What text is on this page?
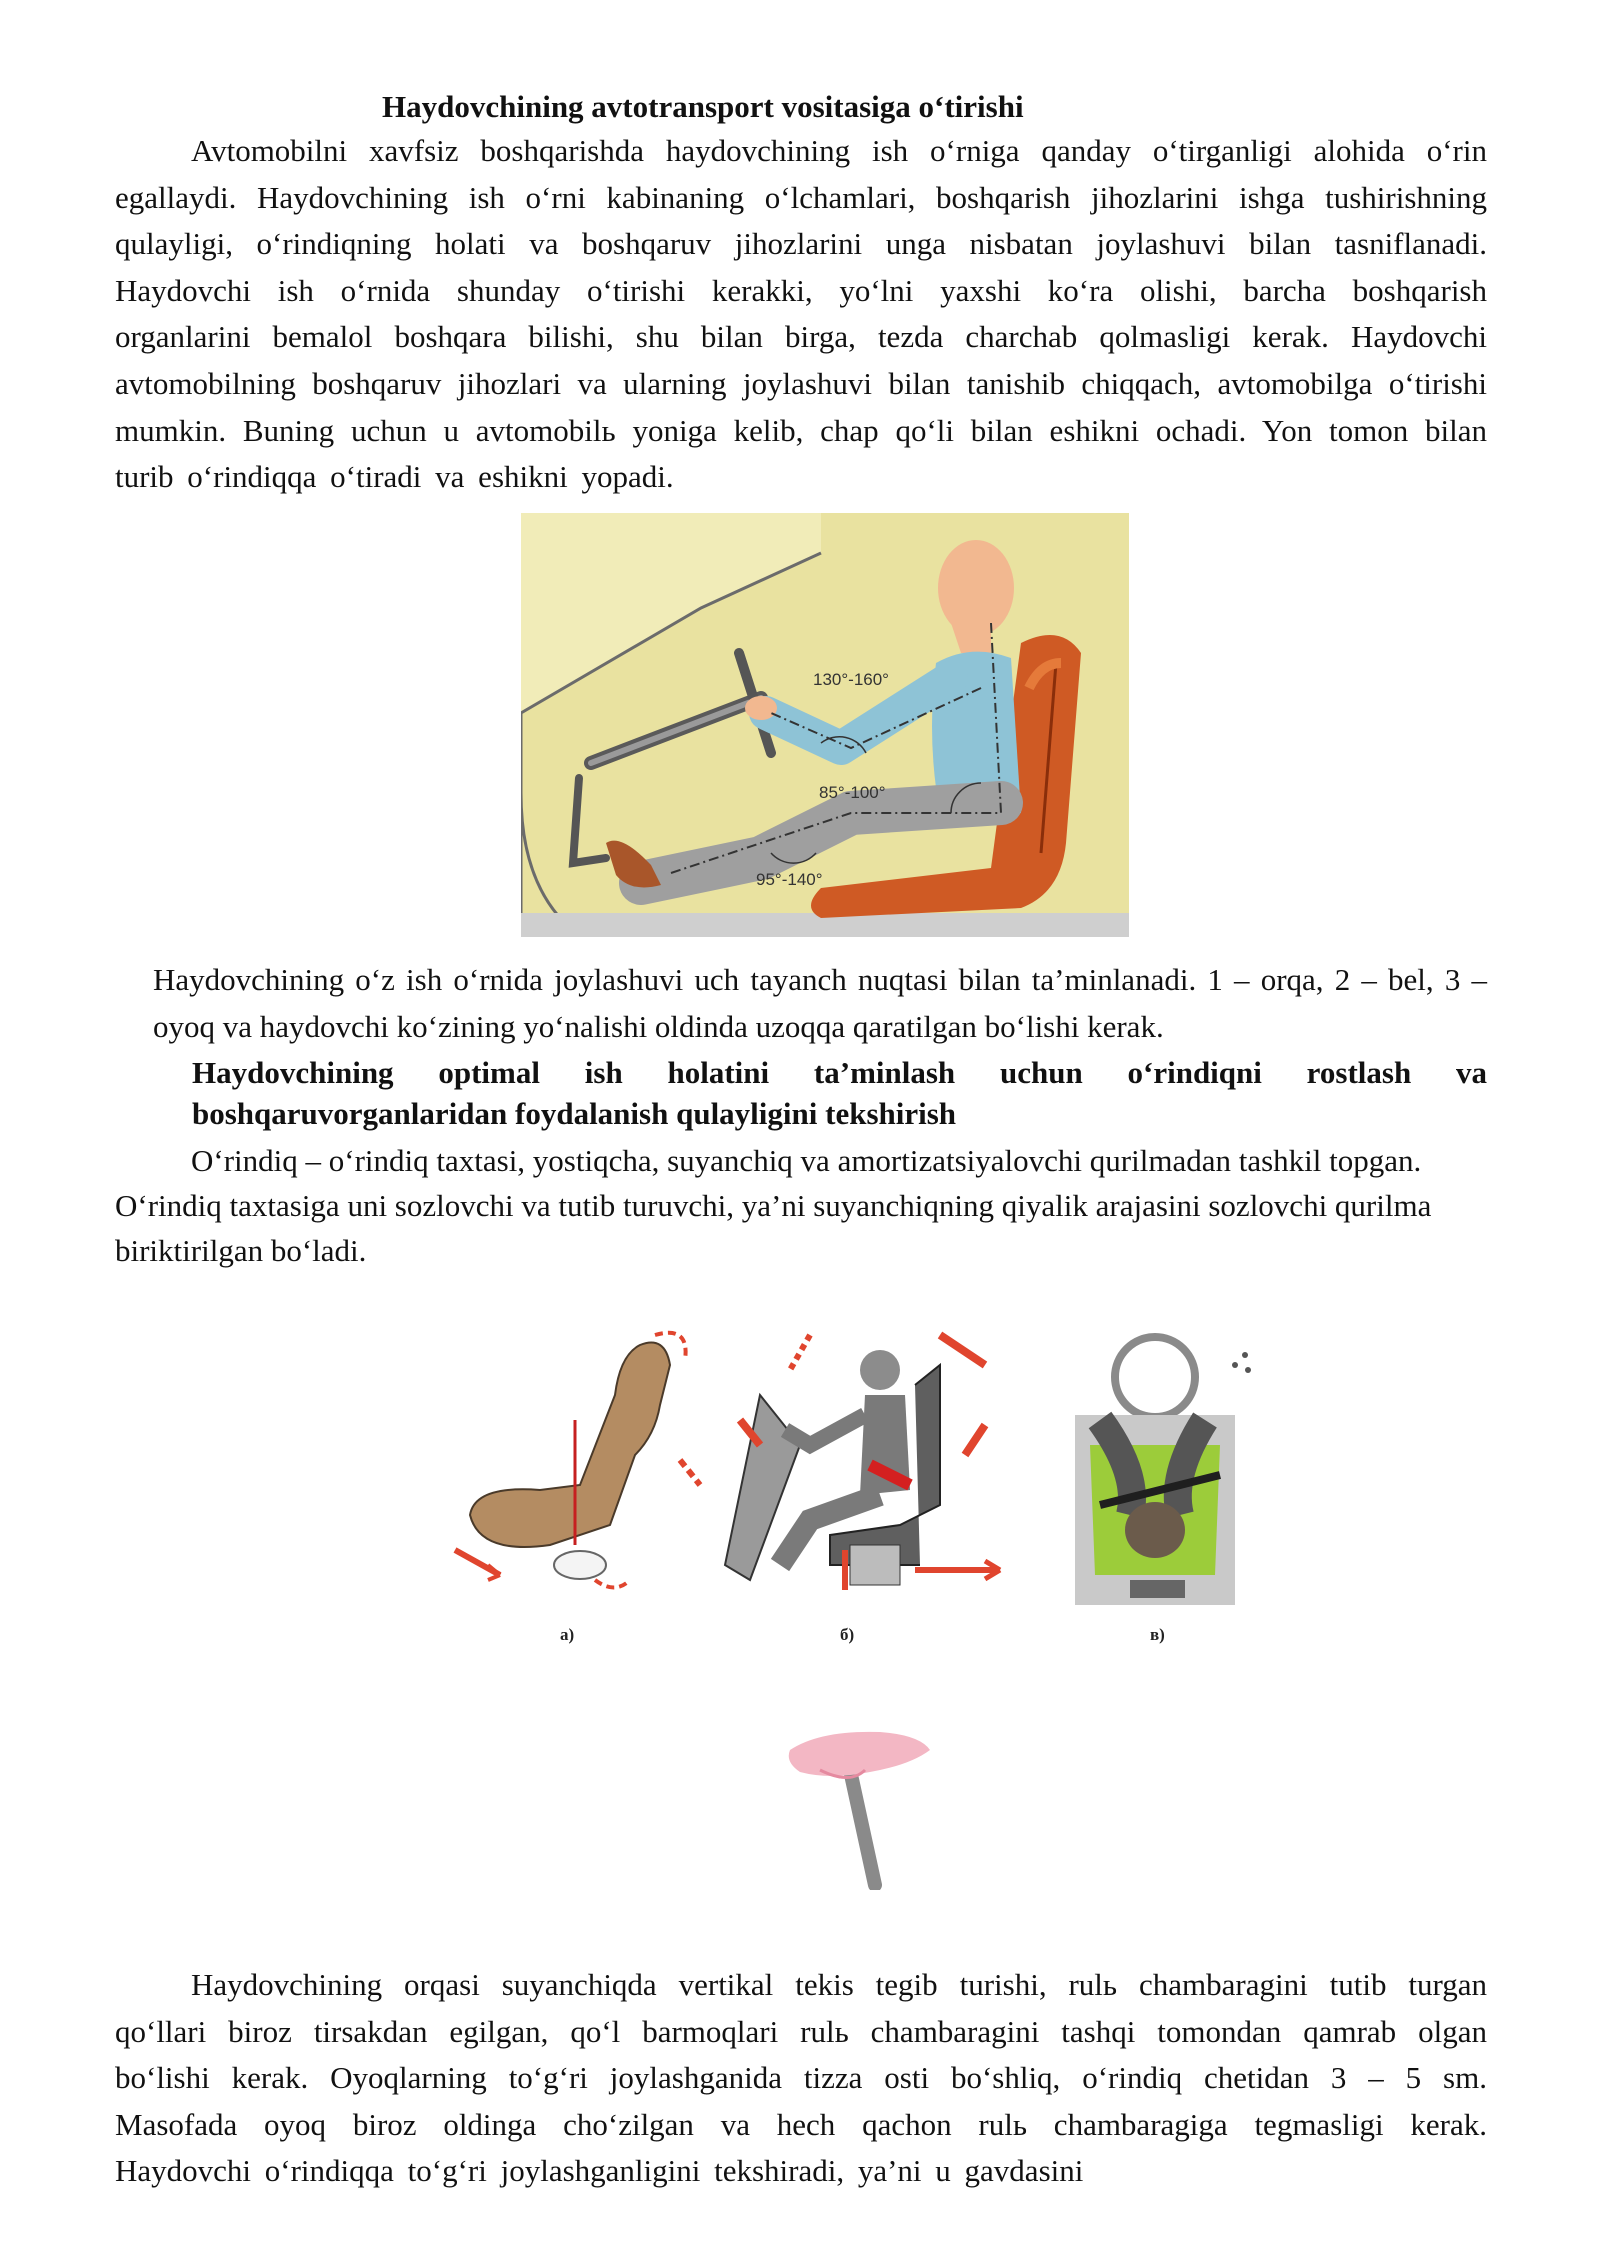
Haydovchining avtotransport vositasiga o‘tirishi

Avtomobilni xavfsiz boshqarishda haydovchining ish o‘rniga qanday o‘tirganligi alohida o‘rin egallaydi. Haydovchining ish o‘rni kabinaning o‘lchamlari, boshqarish jihozlarini ishga tushirishning qulayligi, o‘rindiqning holati va boshqaruv jihozlarini unga nisbatan joylashuvi bilan tasniflanadi. Haydovchi ish o‘rnida shunday o‘tirishi kerakki, yo‘lni yaxshi ko‘ra olishi, barcha boshqarish organlarini bemalol boshqara bilishi, shu bilan birga, tezda charchab qolmasligi kerak. Haydovchi avtomobilning boshqaruv jihozlari va ularning joylashuvi bilan tanishib chiqqach, avtomobilga o‘tirishi mumkin. Buning uchun u avtomobilь yoniga kelib, chap qo‘li bilan eshikni ochadi. Yon tomon bilan turib o‘rindiqqa o‘tiradi va eshikni yopadi.

130°-160°
85°-100°
95°-140°

Haydovchining o‘z ish o‘rnida joylashuvi uch tayanch nuqtasi bilan ta’minlanadi. 1 – orqa, 2 – bel, 3 – oyoq va haydovchi ko‘zining yo‘nalishi oldinda uzoqqa qaratilgan bo‘lishi kerak.

Haydovchining optimal ish holatini ta’minlash uchun o‘rindiqni rostlash va boshqaruvorganlaridan foydalanish qulayligini tekshirish

O‘rindiq – o‘rindiq taxtasi, yostiqcha, suyanchiq va amortizatsiyalovchi qurilmadan tashkil topgan. O‘rindiq taxtasiga uni sozlovchi va tutib turuvchi, ya’ni suyanchiqning qiyalik arajasini sozlovchi qurilma biriktirilgan bo‘ladi.

а)	б)	в)

Haydovchining orqasi suyanchiqda vertikal tekis tegib turishi, rulь chambaragini tutib turgan qo‘llari biroz tirsakdan egilgan, qo‘l barmoqlari rulь chambaragini tashqi tomondan qamrab olgan bo‘lishi kerak. Oyoqlarning to‘g‘ri joylashganida tizza osti bo‘shliq, o‘rindiq chetidan 3 – 5 sm. Masofada oyoq biroz oldinga cho‘zilgan va hech qachon rulь chambaragiga tegmasligi kerak. Haydovchi o‘rindiqqa to‘g‘ri joylashganligini tekshiradi, ya’ni u gavdasini
